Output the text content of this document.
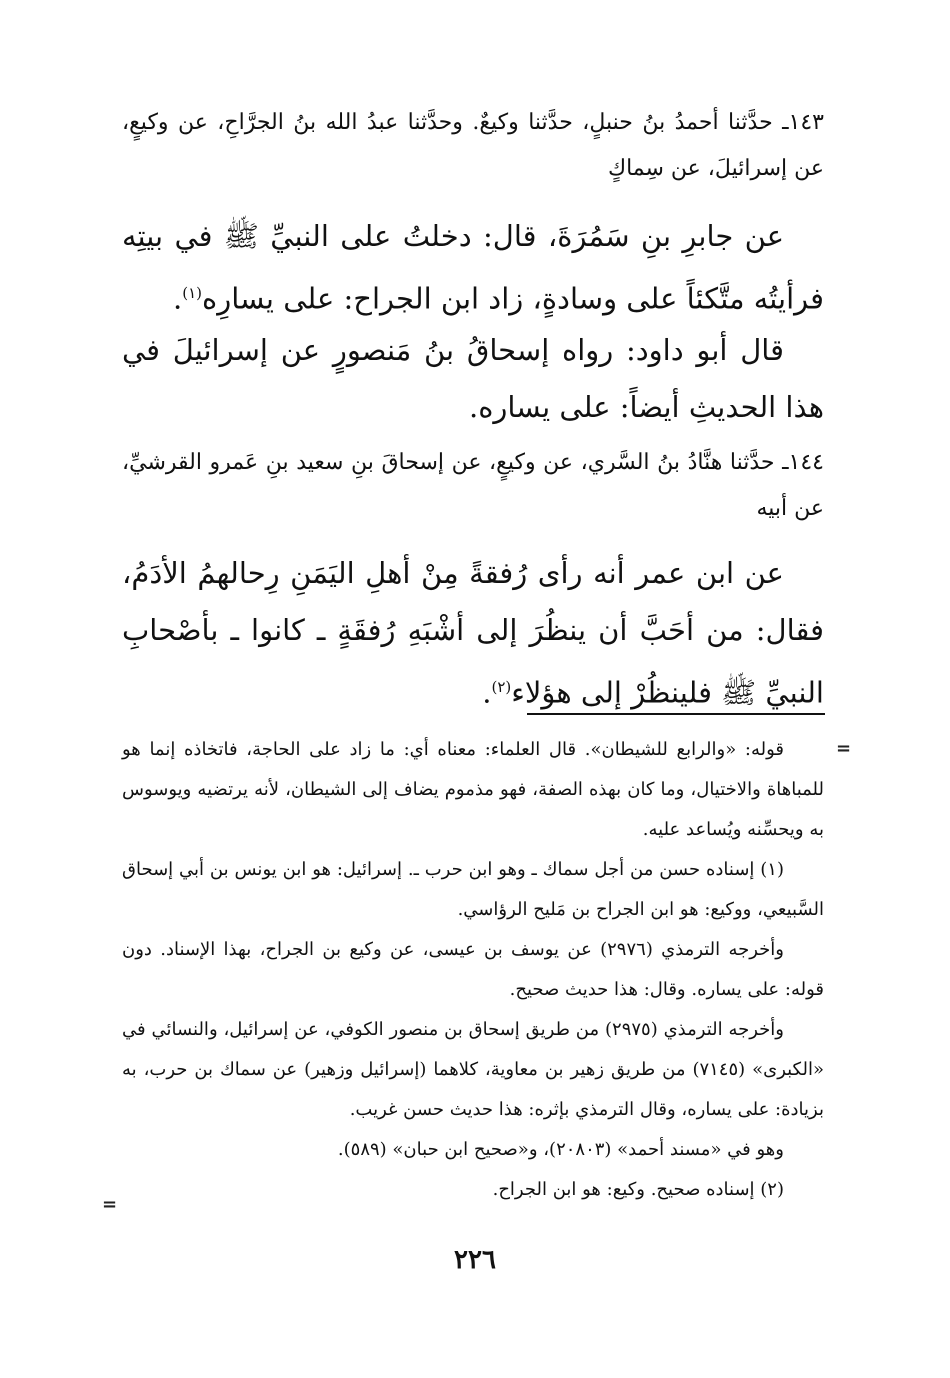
١٤٣ـ حدَّثنا أحمدُ بنُ حنبلٍ، حدَّثنا وكيعٌ. وحدَّثنا عبدُ الله بنُ الجرَّاحِ، عن وكيعٍ، عن إسرائيلَ، عن سِماكٍ

عن جابرِ بنِ سَمُرَةَ، قال: دخلتُ على النبيِّ ﷺ في بيتِه فرأيتُه متَّكئاً على وسادةٍ، زاد ابن الجراح: على يسارِه$^{(١)}$.

قال أبو داود: رواه إسحاقُ بنُ مَنصورٍ عن إسرائيلَ في هذا الحديثِ أيضاً: على يساره.

١٤٤ـ حدَّثنا هنَّادُ بنُ السَّري، عن وكيعٍ، عن إسحاقَ بنِ سعيد بنِ عَمرو القرشيِّ، عن أبيه

عن ابن عمر أنه رأى رُفقةً مِنْ أهلِ اليَمَنِ رِحالهمُ الأدَمُ، فقال: من أحَبَّ أن ينظُرَ إلى أشْبَهِ رُفقَةٍ ـ كانوا ـ بأصْحابِ النبيِّ ﷺ فلينظُرْ إلى هؤلاء$^{(٢)}$.

=

قوله: «والرابع للشيطان». قال العلماء: معناه أي: ما زاد على الحاجة، فاتخاذه إنما هو للمباهاة والاختيال، وما كان بهذه الصفة، فهو مذموم يضاف إلى الشيطان، لأنه يرتضيه ويوسوس به ويحسِّنه ويُساعد عليه.

(١) إسناده حسن من أجل سماك ـ وهو ابن حرب ـ. إسرائيل: هو ابن يونس بن أبي إسحاق السَّبيعي، ووكيع: هو ابن الجراح بن مَليح الرؤاسي.

وأخرجه الترمذي (٢٩٧٦) عن يوسف بن عيسى، عن وكيع بن الجراح، بهذا الإسناد. دون قوله: على يساره. وقال: هذا حديث صحيح.

وأخرجه الترمذي (٢٩٧٥) من طريق إسحاق بن منصور الكوفي، عن إسرائيل، والنسائي في «الكبرى» (٧١٤٥) من طريق زهير بن معاوية، كلاهما (إسرائيل وزهير) عن سماك بن حرب، به بزيادة: على يساره، وقال الترمذي بإثره: هذا حديث حسن غريب.

وهو في «مسند أحمد» (٢٠٨٠٣)، و«صحيح ابن حبان» (٥٨٩).

(٢) إسناده صحيح. وكيع: هو ابن الجراح.

=
٢٢٦
